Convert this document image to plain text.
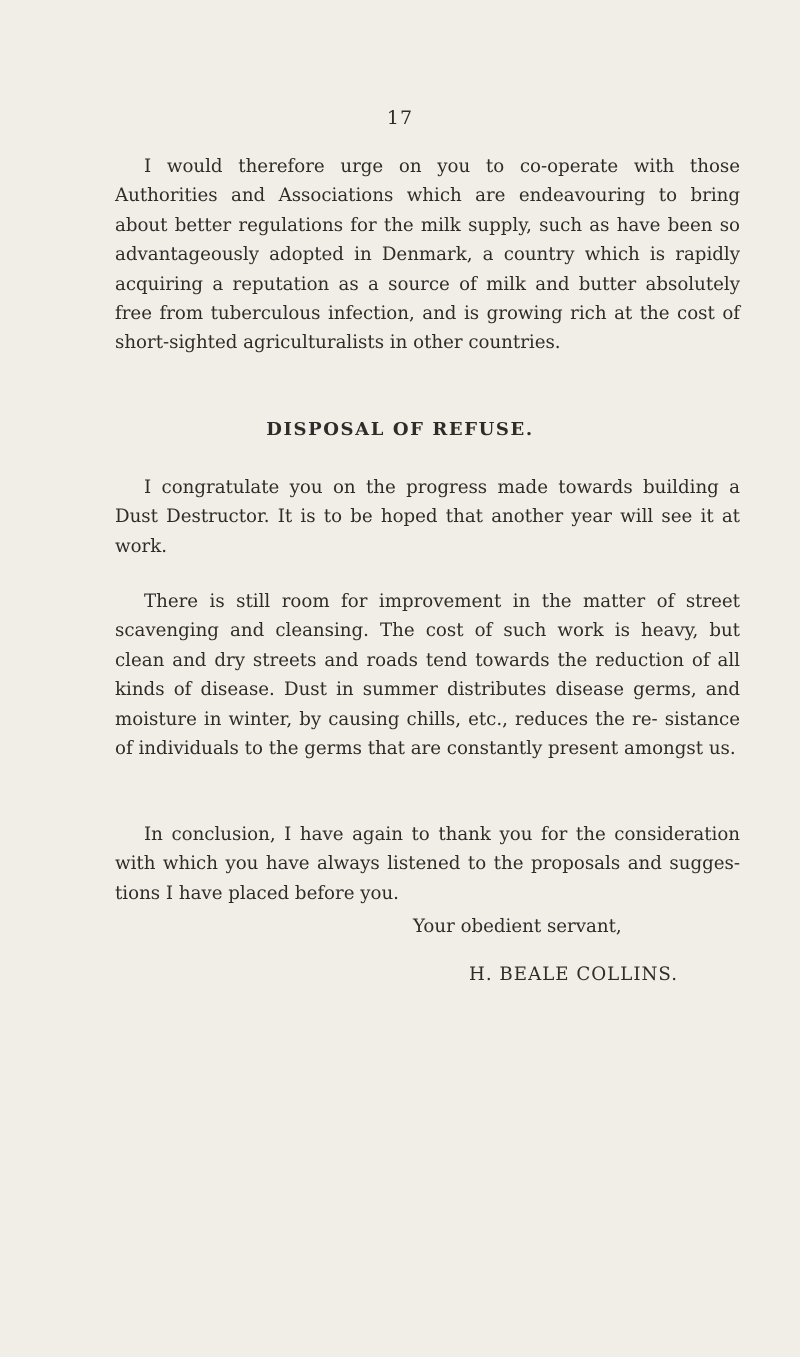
17

I would therefore urge on you to co-operate with those Authorities and Associations which are endeavouring to bring about better regulations for the milk supply, such as have been so advantageously adopted in Denmark, a country which is rapidly acquiring a reputation as a source of milk and butter absolutely free from tuberculous infection, and is growing rich at the cost of short-sighted agriculturalists in other countries.

DISPOSAL OF REFUSE.

I congratulate you on the progress made towards building a Dust Destructor. It is to be hoped that another year will see it at work.

There is still room for improvement in the matter of street scavenging and cleansing. The cost of such work is heavy, but clean and dry streets and roads tend towards the reduction of all kinds of disease. Dust in summer distributes disease germs, and moisture in winter, by causing chills, etc., reduces the re- sistance of individuals to the germs that are constantly present amongst us.

In conclusion, I have again to thank you for the consideration with which you have always listened to the proposals and sugges- tions I have placed before you.

Your obedient servant,
H. BEALE COLLINS.
